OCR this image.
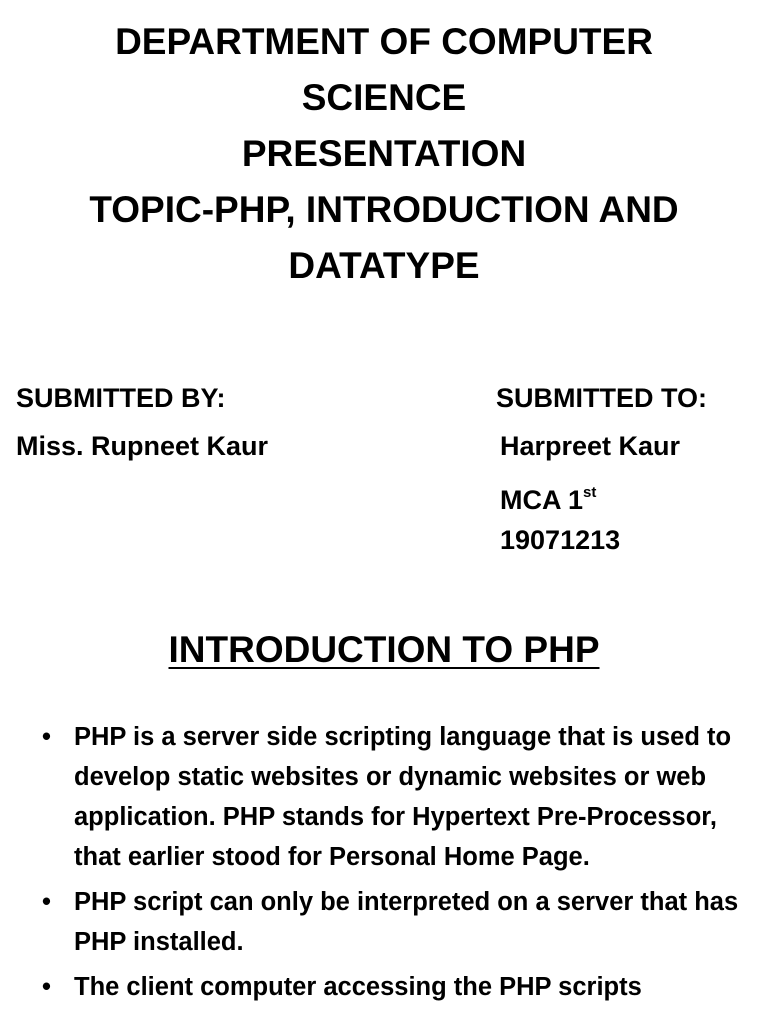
DEPARTMENT OF COMPUTER
SCIENCE
PRESENTATION
TOPIC-PHP, INTRODUCTION AND
DATATYPE
SUBMITTED BY:
Miss. Rupneet Kaur
SUBMITTED TO:
Harpreet Kaur
MCA 1st
19071213
INTRODUCTION TO PHP
• PHP is a server side scripting language that is used to develop static websites or dynamic websites or web application. PHP stands for Hypertext Pre-Processor, that earlier stood for Personal Home Page.
• PHP script can only be interpreted on a server that has PHP installed.
• The client computer accessing the PHP scripts
